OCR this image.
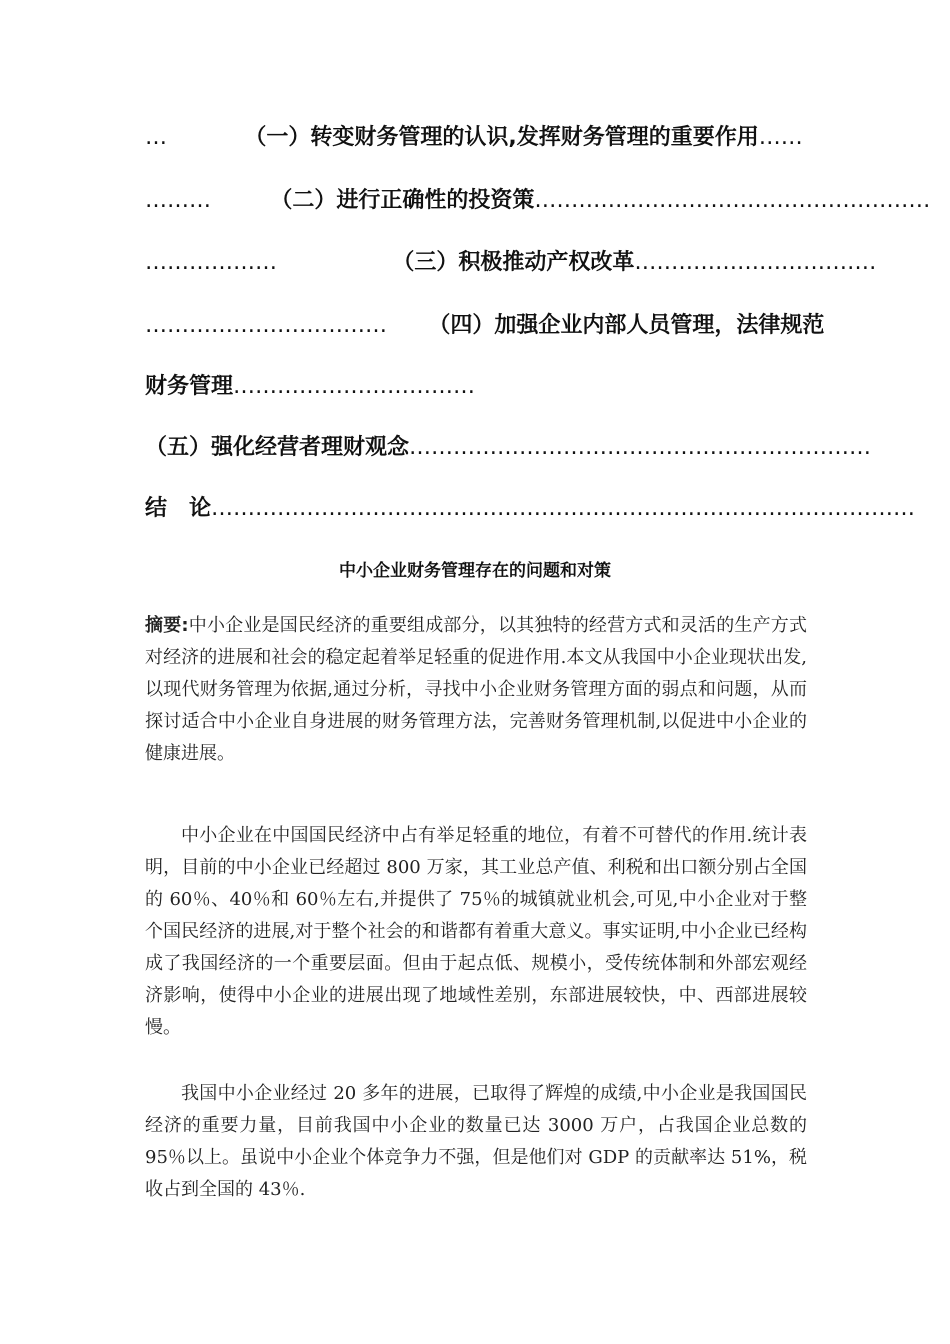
…	（一）转变财务管理的认识,发挥财务管理的重要作用……
………	（二）进行正确性的投资策………………………………………………
………………	（三）积极推动产权改革……………………………
…………………………… （四）加强企业内部人员管理，法律规范
财务管理……………………………
（五）强化经营者理财观念………………………………………………………
结　论……………………………………………………………………………………
中小企业财务管理存在的问题和对策

摘要:中小企业是国民经济的重要组成部分，以其独特的经营方式和灵活的生产方式对经济的进展和社会的稳定起着举足轻重的促进作用.本文从我国中小企业现状出发,以现代财务管理为依据,通过分析，寻找中小企业财务管理方面的弱点和问题，从而探讨适合中小企业自身进展的财务管理方法，完善财务管理机制,以促进中小企业的健康进展。

中小企业在中国国民经济中占有举足轻重的地位，有着不可替代的作用.统计表明，目前的中小企业已经超过 800 万家，其工业总产值、利税和出口额分别占全国的 60％、40％和 60％左右,并提供了 75％的城镇就业机会,可见,中小企业对于整个国民经济的进展,对于整个社会的和谐都有着重大意义。事实证明,中小企业已经构成了我国经济的一个重要层面。但由于起点低、规模小，受传统体制和外部宏观经济影响，使得中小企业的进展出现了地域性差别，东部进展较快，中、西部进展较慢。

我国中小企业经过 20 多年的进展，已取得了辉煌的成绩,中小企业是我国国民经济的重要力量，目前我国中小企业的数量已达 3000 万户，占我国企业总数的 95％以上。虽说中小企业个体竞争力不强，但是他们对 GDP 的贡献率达 51%，税收占到全国的 43％.
